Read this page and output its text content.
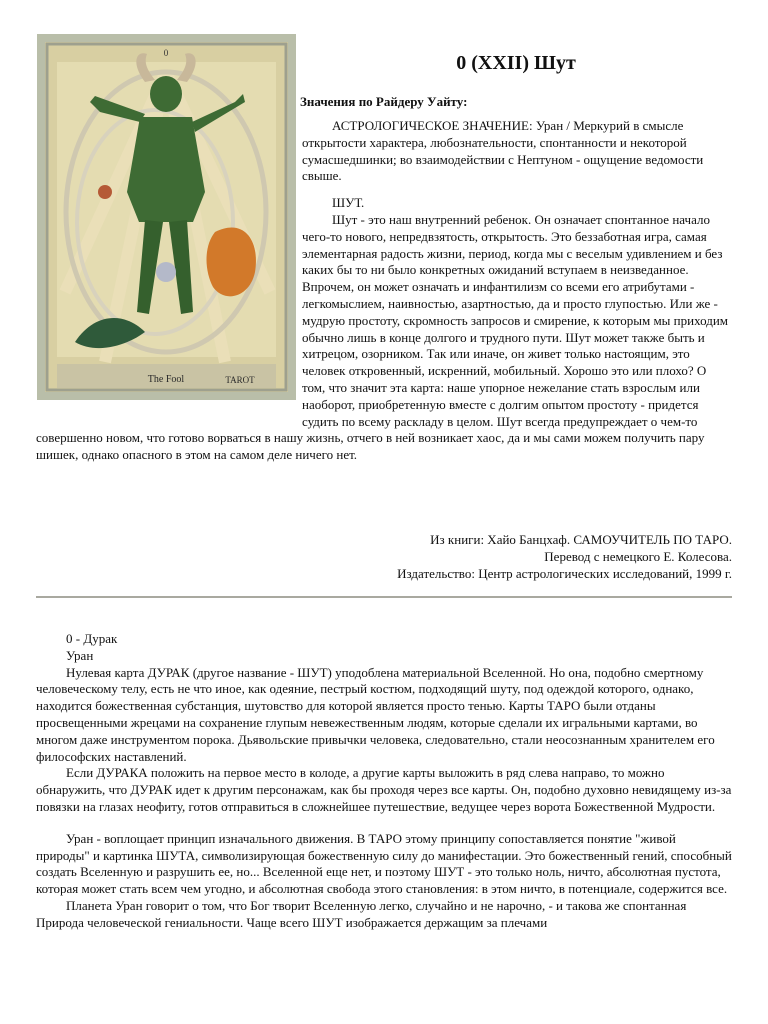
0
The Fool	TAROT
0 (XXII) Шут
Значения по Райдеру Уайту:

АСТРОЛОГИЧЕСКОЕ ЗНАЧЕНИЕ: Уран / Меркурий в смысле открытости характера, любознательности, спонтанности и некоторой сумасшедшинки; во взаимодействии с Нептуном - ощущение ведомости свыше.

ШУТ.

Шут - это наш внутренний ребенок. Он означает спонтанное начало чего-то нового, непредвзятость, открытость. Это беззаботная игра, самая элементарная радость жизни, период, когда мы с веселым удивлением и без каких бы то ни было конкретных ожиданий вступаем в неизведанное. Впрочем, он может означать и инфантилизм со всеми его атрибутами - легкомыслием, наивностью, азартностью, да и просто глупостью. Или же - мудрую простоту, скромность запросов и смирение, к которым мы приходим обычно лишь в конце долгого и трудного пути. Шут может также быть и хитрецом, озорником. Так или иначе, он живет только настоящим, это человек откровенный, искренний, мобильный. Хорошо это или плохо? О том, что значит эта карта: наше упорное нежелание стать взрослым или наоборот, приобретенную вместе с долгим опытом простоту - придется судить по всему раскладу в целом. Шут всегда предупреждает о чем-то совершенно новом, что готово ворваться в нашу жизнь, отчего в ней возникает хаос, да и мы сами можем получить пару шишек, однако опасного в этом на самом деле ничего нет.

Из книги: Хайо Банцхаф. САМОУЧИТЕЛЬ ПО ТАРО.
Перевод с немецкого Е. Колесова.
Издательство: Центр астрологических исследований, 1999 г.

0 - Дурак

Уран

Нулевая карта ДУРАК (другое название - ШУТ) уподоблена материальной Вселенной. Но она, подобно смертному человеческому телу, есть не что иное, как одеяние, пестрый костюм, подходящий шуту, под одеждой которого, однако, находится божественная субстанция, шутовство для которой является просто тенью. Карты ТАРО были отданы просвещенными жрецами на сохранение глупым невежественным людям, которые сделали их игральными картами, во многом даже инструментом порока. Дьявольские привычки человека, следовательно, стали неосознанным хранителем его философских наставлений.

Если ДУРАКА положить на первое место в колоде, а другие карты выложить в ряд слева направо, то можно обнаружить, что ДУРАК идет к другим персонажам, как бы проходя через все карты. Он, подобно духовно невидящему из-за повязки на глазах неофиту, готов отправиться в сложнейшее путешествие, ведущее через ворота Божественной Мудрости.

Уран - воплощает принцип изначального движения. В ТАРО этому принципу сопоставляется понятие "живой природы" и картинка ШУТА, символизирующая божественную силу до манифестации. Это божественный гений, способный создать Вселенную и разрушить ее, но... Вселенной еще нет, и поэтому ШУТ - это только ноль, ничто, абсолютная пустота, которая может стать всем чем угодно, и абсолютная свобода этого становления: в этом ничто, в потенциале, содержится все.

Планета Уран говорит о том, что Бог творит Вселенную легко, случайно и не нарочно, - и такова же спонтанная Природа человеческой гениальности. Чаще всего ШУТ изображается держащим за плечами
